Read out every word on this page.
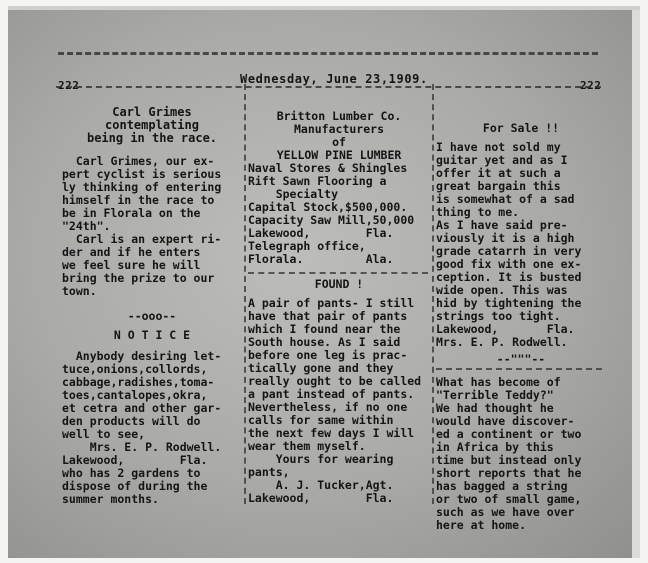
222	222
Wednesday, June 23,1909.

Carl Grimes

contemplating

being in the race.

Carl Grimes, our ex-

pert cyclist is serious

ly thinking of entering

himself in the race to

be in Florala on the

"24th".

Carl is an expert ri-

der and if he enters

we feel sure he will

bring the prize to our

town.

--ooo--

N O T I C E

Anybody desiring let-

tuce,onions,collords,

cabbage,radishes,toma-

toes,cantalopes,okra,

et cetra and other gar-

den products will do

well to see,

Mrs. E. P. Rodwell.

Lakewood,        Fla.

who has 2 gardens to

dispose of during the

summer months.

Britton Lumber Co.

Manufacturers

of

YELLOW PINE LUMBER

Naval Stores & Shingles

Rift Sawn Flooring a

Specialty

Capital Stock,$500,000.

Capacity Saw Mill,50,000

Lakewood,        Fla.

Telegraph office,

Florala.         Ala.

FOUND !

A pair of pants- I still

have that pair of pants

which I found near the

South house. As I said

before one leg is prac-

tically gone and they

really ought to be called

a pant instead of pants.

Nevertheless, if no one

calls for same within

the next few days I will

wear them myself.

Yours for wearing

pants,

A. J. Tucker,Agt.

Lakewood,        Fla.

For Sale !!

I have not sold my

guitar yet and as I

offer it at such a

great bargain this

is somewhat of a sad

thing to me.

As I have said pre-

viously it is a high

grade catarrh in very

good fix with one ex-

ception. It is busted

wide open. This was

hid by tightening the

strings too tight.

Lakewood,       Fla.

Mrs. E. P. Rodwell.

--"""--

What has become of

"Terrible Teddy?"

We had thought he

would have discover-

ed a continent or two

in Africa by this

time but instead only

short reports that he

has bagged a string

or two of small game,

such as we have over

here at home.
